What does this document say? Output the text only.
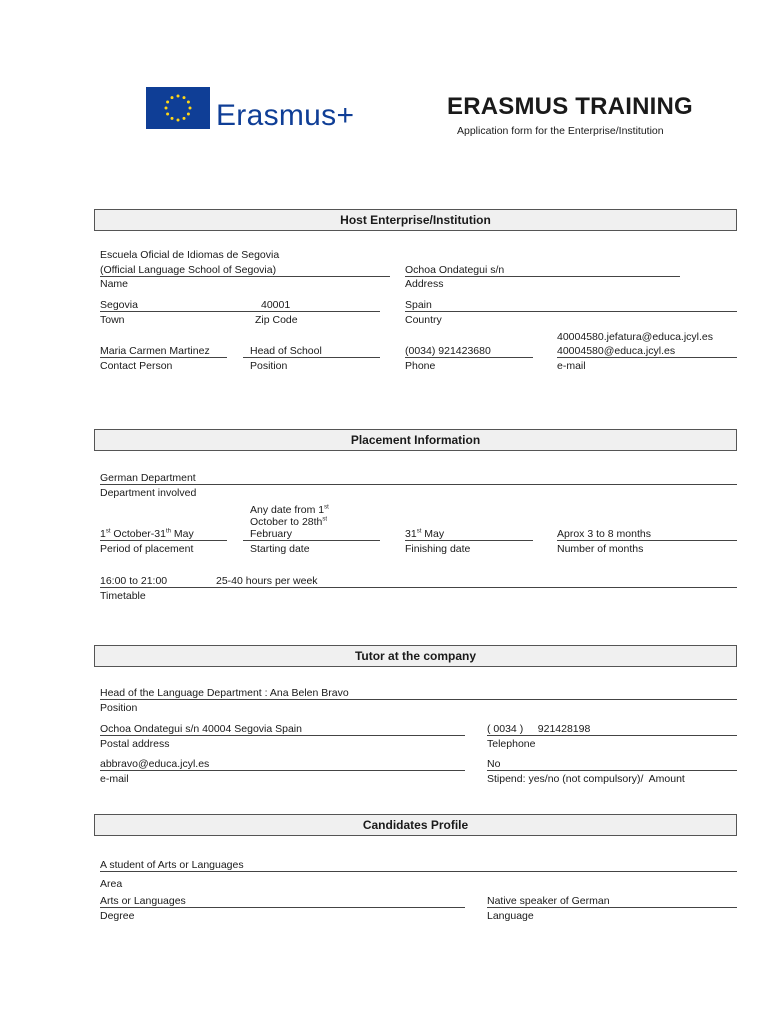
Erasmus+	ERASMUS TRAINING
Application form for the Enterprise/Institution
Host Enterprise/Institution
Escuela Oficial de Idiomas de Segovia
(Official Language School of Segovia)
Name
Ochoa Ondategui s/n
Address
Segovia	40001
Town	Zip Code
Spain
Country
Maria Carmen Martinez
Contact Person
Head of School
Position
(0034) 921423680
Phone
40004580.jefatura@educa.jcyl.es
40004580@educa.jcyl.es
e-mail
Placement Information
German Department
Department involved
1st October-31th May
Period of placement
Any date from 1st
October to $28th^{st}$
February
Starting date
31st May
Finishing date
Aprox 3 to 8 months
Number of months
16:00 to 21:00	25-40 hours per week
Timetable
Tutor at the company
Head of the Language Department : Ana Belen Bravo
Position
Ochoa Ondategui s/n 40004 Segovia Spain
Postal address
( 0034 )     921428198
Telephone
abbravo@educa.jcyl.es
e-mail
No
Stipend: yes/no (not compulsory)/  Amount
Candidates Profile
A student of Arts or Languages
Area
Arts or Languages
Degree
Native speaker of German
Language
